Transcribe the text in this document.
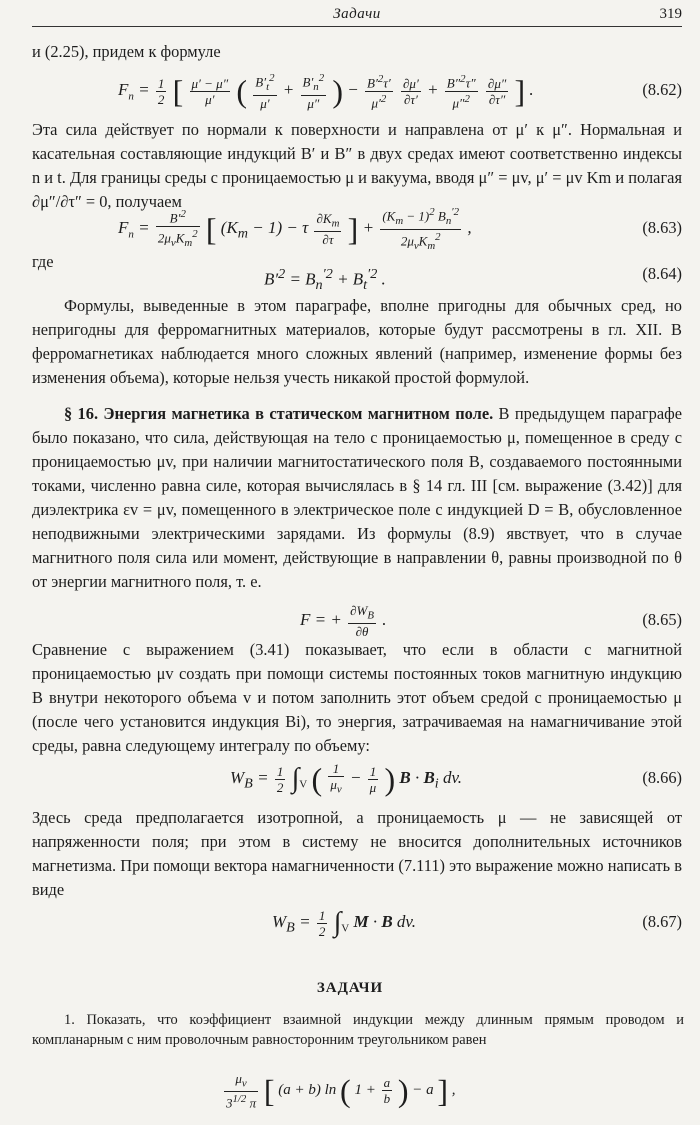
Задачи	319

и (2.25), придем к формуле

$F_n = \frac{1}{2}$ [ $\frac{\mu' - \mu''}{\mu'}$ ( $\frac{B'_t^2}{\mu'} + \frac{B'_n^2}{\mu''}$ ) − $\frac{B'^2\tau'}{\mu'^2}$
$\frac{\partial\mu'}{\partial\tau'} + \frac{B''^2\tau''}{\mu''^2}$
$\frac{\partial\mu''}{\partial\tau''}$ ] .	(8.62)

Эта сила действует по нормали к поверхности и направлена от μ′ к μ″. Нормальная и касательная составляющие индукций B′ и B″ в двух средах имеют соответственно индексы n и t. Для границы среды с проницаемостью μ и вакуума, вводя μ″ = μv, μ′ = μv Km и полагая ∂μ″/∂τ″ = 0, получаем

$F_n = \frac{B'^2}{2\mu_vK_m^2}$ [ $(K_m - 1) - \tau \frac{\partial K_m}{\partial\tau}$ ] + $\frac{(K_m - 1)^2 B_n^{'2}}{2\mu_vK_m^2}$ ,	(8.63)

где

$B'^2 = B_n^{'2} + B_t^{'2}$ .	(8.64)

Формулы, выведенные в этом параграфе, вполне пригодны для обычных сред, но непригодны для ферромагнитных материалов, которые будут рассмотрены в гл. XII. В ферромагнетиках наблюдается много сложных явлений (например, изменение формы без изменения объема), которые нельзя учесть никакой простой формулой.

§ 16. Энергия магнетика в статическом магнитном поле. В предыдущем параграфе было показано, что сила, действующая на тело с проницаемостью μ, помещенное в среду с проницаемостью μv, при наличии магнитостатического поля B, создаваемого постоянными токами, численно равна силе, которая вычислялась в § 14 гл. III [см. выражение (3.42)] для диэлектрика εv = μv, помещенного в электрическое поле с индукцией D = B, обусловленное неподвижными электрическими зарядами. Из формулы (8.9) явствует, что в случае магнитного поля сила или момент, действующие в направлении θ, равны производной по θ от энергии магнитного поля, т. е.

F = + $\frac{\partial W_B}{\partial\theta}$ .	(8.65)

Сравнение с выражением (3.41) показывает, что если в области с магнитной проницаемостью μv создать при помощи системы постоянных токов магнитную индукцию B внутри некоторого объема v и потом заполнить этот объем средой с проницаемостью μ (после чего установится индукция Bi), то энергия, затрачиваемая на намагничивание этой среды, равна следующему интегралу по объему:

$W_B = \frac{1}{2} \int_V$ ( $\frac{1}{\mu_v} - \frac{1}{\mu}$ ) $B \cdot B_i$ dv.	(8.66)

Здесь среда предполагается изотропной, а проницаемость μ — не зависящей от напряженности поля; при этом в систему не вносится дополнительных источников магнетизма. При помощи вектора намагниченности (7.111) это выражение можно написать в виде

$W_B = \frac{1}{2} \int_V$ M · B dv.	(8.67)
ЗАДАЧИ

1. Показать, что коэффициент взаимной индукции между длинным прямым проводом и компланарным с ним проволочным равносторонним треугольником равен

$\frac{\mu_v}{3^{1/2} \pi}$ [ (a + b) ln ( $1 + \frac{a}{b}$ ) − a ] ,
